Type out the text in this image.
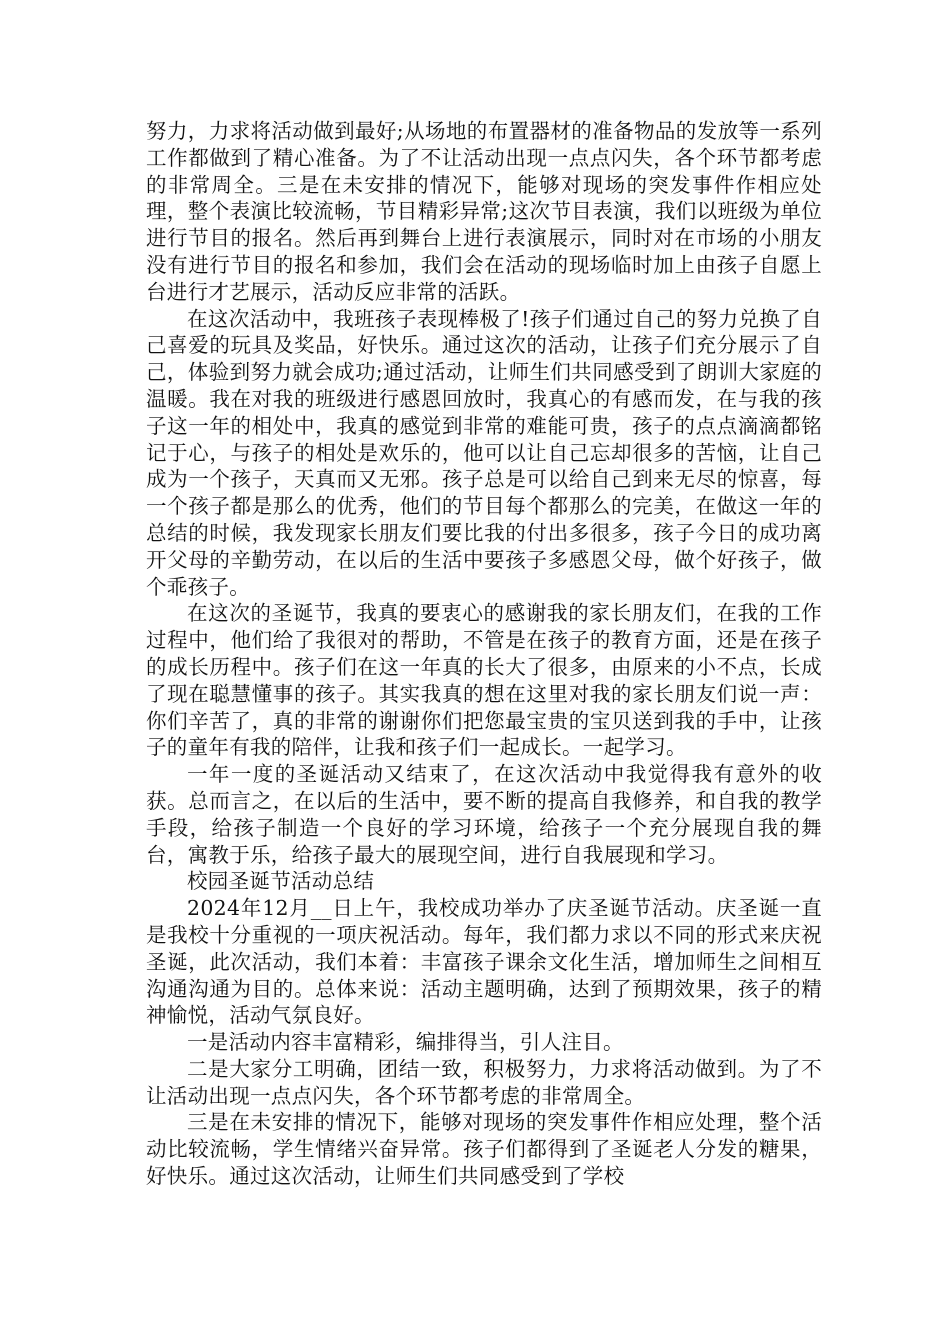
努力，力求将活动做到最好;从场地的布置器材的准备物品的发放等一系列工作都做到了精心准备。为了不让活动出现一点点闪失，各个环节都考虑的非常周全。三是在未安排的情况下，能够对现场的突发事件作相应处理，整个表演比较流畅，节目精彩异常;这次节目表演，我们以班级为单位进行节目的报名。然后再到舞台上进行表演展示，同时对在市场的小朋友没有进行节目的报名和参加，我们会在活动的现场临时加上由孩子自愿上台进行才艺展示，活动反应非常的活跃。

在这次活动中，我班孩子表现棒极了!孩子们通过自己的努力兑换了自己喜爱的玩具及奖品，好快乐。通过这次的活动，让孩子们充分展示了自己，体验到努力就会成功;通过活动，让师生们共同感受到了朗训大家庭的温暖。我在对我的班级进行感恩回放时，我真心的有感而发，在与我的孩子这一年的相处中，我真的感觉到非常的难能可贵，孩子的点点滴滴都铭记于心，与孩子的相处是欢乐的，他可以让自己忘却很多的苦恼，让自己成为一个孩子，天真而又无邪。孩子总是可以给自己到来无尽的惊喜，每一个孩子都是那么的优秀，他们的节目每个都那么的完美，在做这一年的总结的时候，我发现家长朋友们要比我的付出多很多，孩子今日的成功离开父母的辛勤劳动，在以后的生活中要孩子多感恩父母，做个好孩子，做个乖孩子。

在这次的圣诞节，我真的要衷心的感谢我的家长朋友们，在我的工作过程中，他们给了我很对的帮助，不管是在孩子的教育方面，还是在孩子的成长历程中。孩子们在这一年真的长大了很多，由原来的小不点，长成了现在聪慧懂事的孩子。其实我真的想在这里对我的家长朋友们说一声：你们辛苦了，真的非常的谢谢你们把您最宝贵的宝贝送到我的手中，让孩子的童年有我的陪伴，让我和孩子们一起成长。一起学习。

一年一度的圣诞活动又结束了，在这次活动中我觉得我有意外的收获。总而言之，在以后的生活中，要不断的提高自我修养，和自我的教学手段，给孩子制造一个良好的学习环境，给孩子一个充分展现自我的舞台，寓教于乐，给孩子最大的展现空间，进行自我展现和学习。

校园圣诞节活动总结

2024年12月__日上午，我校成功举办了庆圣诞节活动。庆圣诞一直是我校十分重视的一项庆祝活动。每年，我们都力求以不同的形式来庆祝圣诞，此次活动，我们本着：丰富孩子课余文化生活，增加师生之间相互沟通沟通为目的。总体来说：活动主题明确，达到了预期效果，孩子的精神愉悦，活动气氛良好。

一是活动内容丰富精彩，编排得当，引人注目。

二是大家分工明确，团结一致，积极努力，力求将活动做到。为了不让活动出现一点点闪失，各个环节都考虑的非常周全。

三是在未安排的情况下，能够对现场的突发事件作相应处理，整个活动比较流畅，学生情绪兴奋异常。孩子们都得到了圣诞老人分发的糖果，好快乐。通过这次活动，让师生们共同感受到了学校
